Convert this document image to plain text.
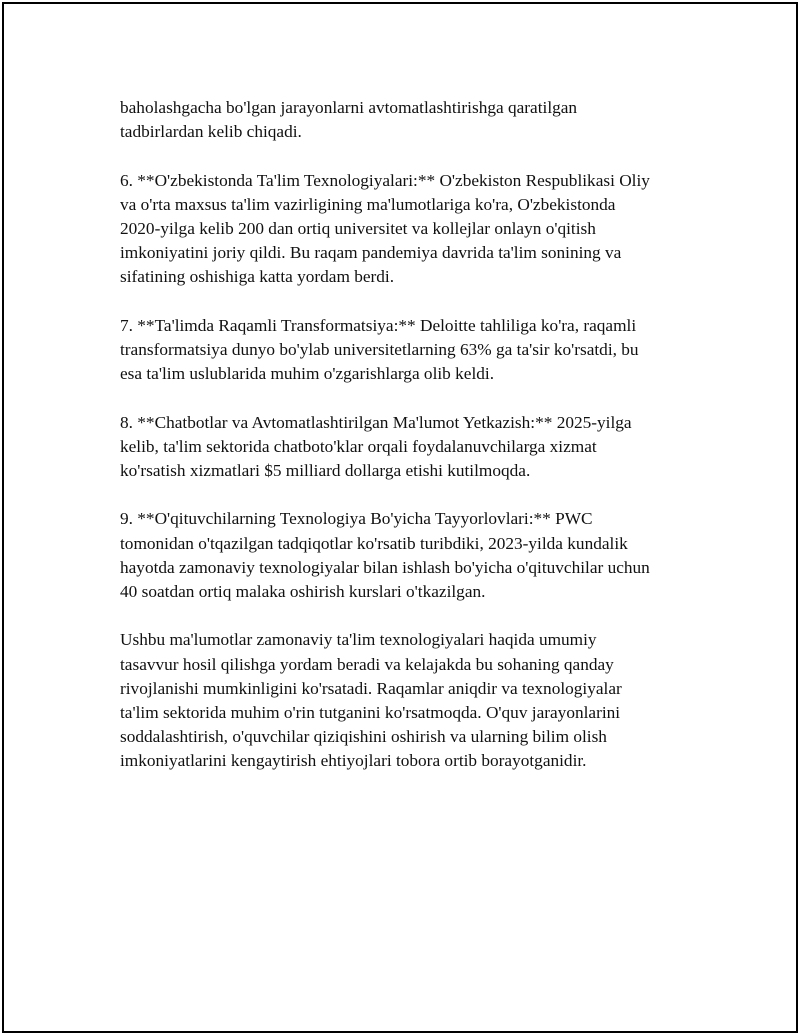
baholashgacha bo'lgan jarayonlarni avtomatlashtirishga qaratilgan
tadbirlardan kelib chiqadi.

6. **O'zbekistonda Ta'lim Texnologiyalari:** O'zbekiston Respublikasi Oliy
va o'rta maxsus ta'lim vazirligining ma'lumotlariga ko'ra, O'zbekistonda
2020-yilga kelib 200 dan ortiq universitet va kollejlar onlayn o'qitish
imkoniyatini joriy qildi. Bu raqam pandemiya davrida ta'lim sonining va
sifatining oshishiga katta yordam berdi.

7. **Ta'limda Raqamli Transformatsiya:** Deloitte tahliliga ko'ra, raqamli
transformatsiya dunyo bo'ylab universitetlarning 63% ga ta'sir ko'rsatdi, bu
esa ta'lim uslublarida muhim o'zgarishlarga olib keldi.

8. **Chatbotlar va Avtomatlashtirilgan Ma'lumot Yetkazish:** 2025-yilga
kelib, ta'lim sektorida chatboto'klar orqali foydalanuvchilarga xizmat
ko'rsatish xizmatlari $5 milliard dollarga etishi kutilmoqda.

9. **O'qituvchilarning Texnologiya Bo'yicha Tayyorlovlari:** PWC
tomonidan o'tqazilgan tadqiqotlar ko'rsatib turibdiki, 2023-yilda kundalik
hayotda zamonaviy texnologiyalar bilan ishlash bo'yicha o'qituvchilar uchun
40 soatdan ortiq malaka oshirish kurslari o'tkazilgan.

Ushbu ma'lumotlar zamonaviy ta'lim texnologiyalari haqida umumiy
tasavvur hosil qilishga yordam beradi va kelajakda bu sohaning qanday
rivojlanishi mumkinligini ko'rsatadi. Raqamlar aniqdir va texnologiyalar
ta'lim sektorida muhim o'rin tutganini ko'rsatmoqda. O'quv jarayonlarini
soddalashtirish, o'quvchilar qiziqishini oshirish va ularning bilim olish
imkoniyatlarini kengaytirish ehtiyojlari tobora ortib borayotganidir.
